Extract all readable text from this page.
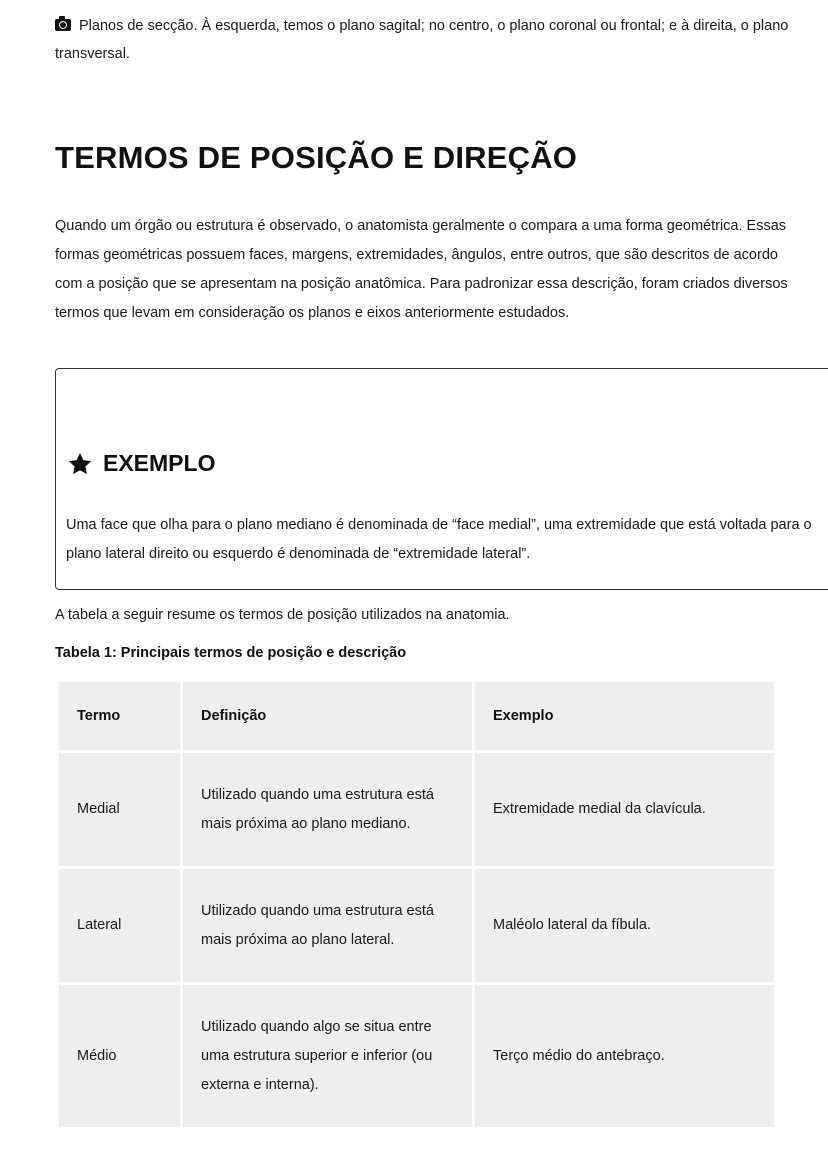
Planos de secção. À esquerda, temos o plano sagital; no centro, o plano coronal ou frontal; e à direita, o plano transversal.
TERMOS DE POSIÇÃO E DIREÇÃO

Quando um órgão ou estrutura é observado, o anatomista geralmente o compara a uma forma geométrica. Essas formas geométricas possuem faces, margens, extremidades, ângulos, entre outros, que são descritos de acordo com a posição que se apresentam na posição anatômica. Para padronizar essa descrição, foram criados diversos termos que levam em consideração os planos e eixos anteriormente estudados.

EXEMPLO

Uma face que olha para o plano mediano é denominada de “face medial”, uma extremidade que está voltada para o plano lateral direito ou esquerdo é denominada de “extremidade lateral”.

A tabela a seguir resume os termos de posição utilizados na anatomia.

Tabela 1: Principais termos de posição e descrição

Termo	Definição	Exemplo
Medial	Utilizado quando uma estrutura está mais próxima ao plano mediano.	Extremidade medial da clavícula.
Lateral	Utilizado quando uma estrutura está mais próxima ao plano lateral.	Maléolo lateral da fíbula.
Médio	Utilizado quando algo se situa entre uma estrutura superior e inferior (ou externa e interna).	Terço médio do antebraço.
